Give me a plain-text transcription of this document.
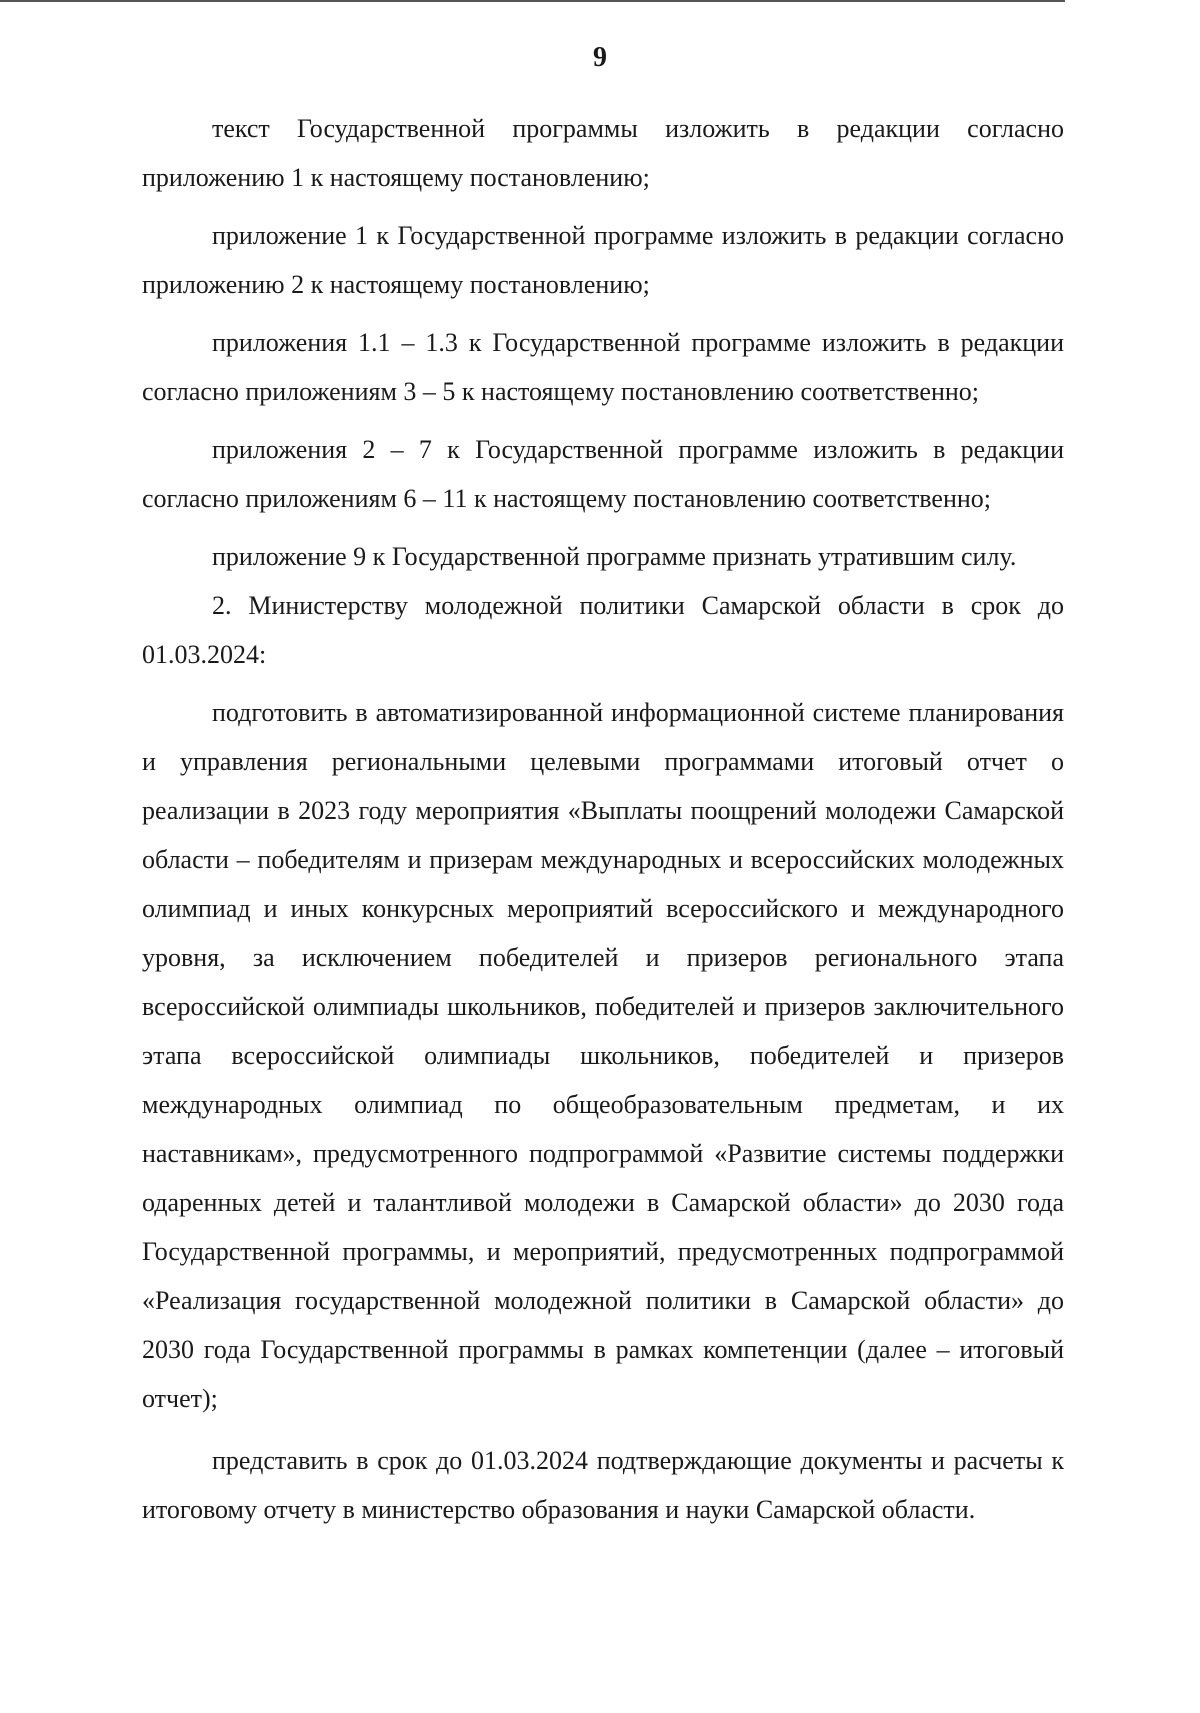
9

текст Государственной программы изложить в редакции согласно приложению 1 к настоящему постановлению;

приложение 1 к Государственной программе изложить в редакции согласно приложению 2 к настоящему постановлению;

приложения 1.1 – 1.3 к Государственной программе изложить в редакции согласно приложениям 3 – 5 к настоящему постановлению соответственно;

приложения 2 – 7 к Государственной программе изложить в редакции согласно приложениям 6 – 11 к настоящему постановлению соответственно;

приложение 9 к Государственной программе признать утратившим силу.

2. Министерству молодежной политики Самарской области в срок до 01.03.2024:

подготовить в автоматизированной информационной системе планирования и управления региональными целевыми программами итоговый отчет о реализации в 2023 году мероприятия «Выплаты поощрений молодежи Самарской области – победителям и призерам международных и всероссийских молодежных олимпиад и иных конкурсных мероприятий всероссийского и международного уровня, за исключением победителей и призеров регионального этапа всероссийской олимпиады школьников, победителей и призеров заключительного этапа всероссийской олимпиады школьников, победителей и призеров международных олимпиад по общеобразовательным предметам, и их наставникам», предусмотренного подпрограммой «Развитие системы поддержки одаренных детей и талантливой молодежи в Самарской области» до 2030 года Государственной программы, и мероприятий, предусмотренных подпрограммой «Реализация государственной молодежной политики в Самарской области» до 2030 года Государственной программы в рамках компетенции (далее – итоговый отчет);

представить в срок до 01.03.2024 подтверждающие документы и расчеты к итоговому отчету в министерство образования и науки Самарской области.
